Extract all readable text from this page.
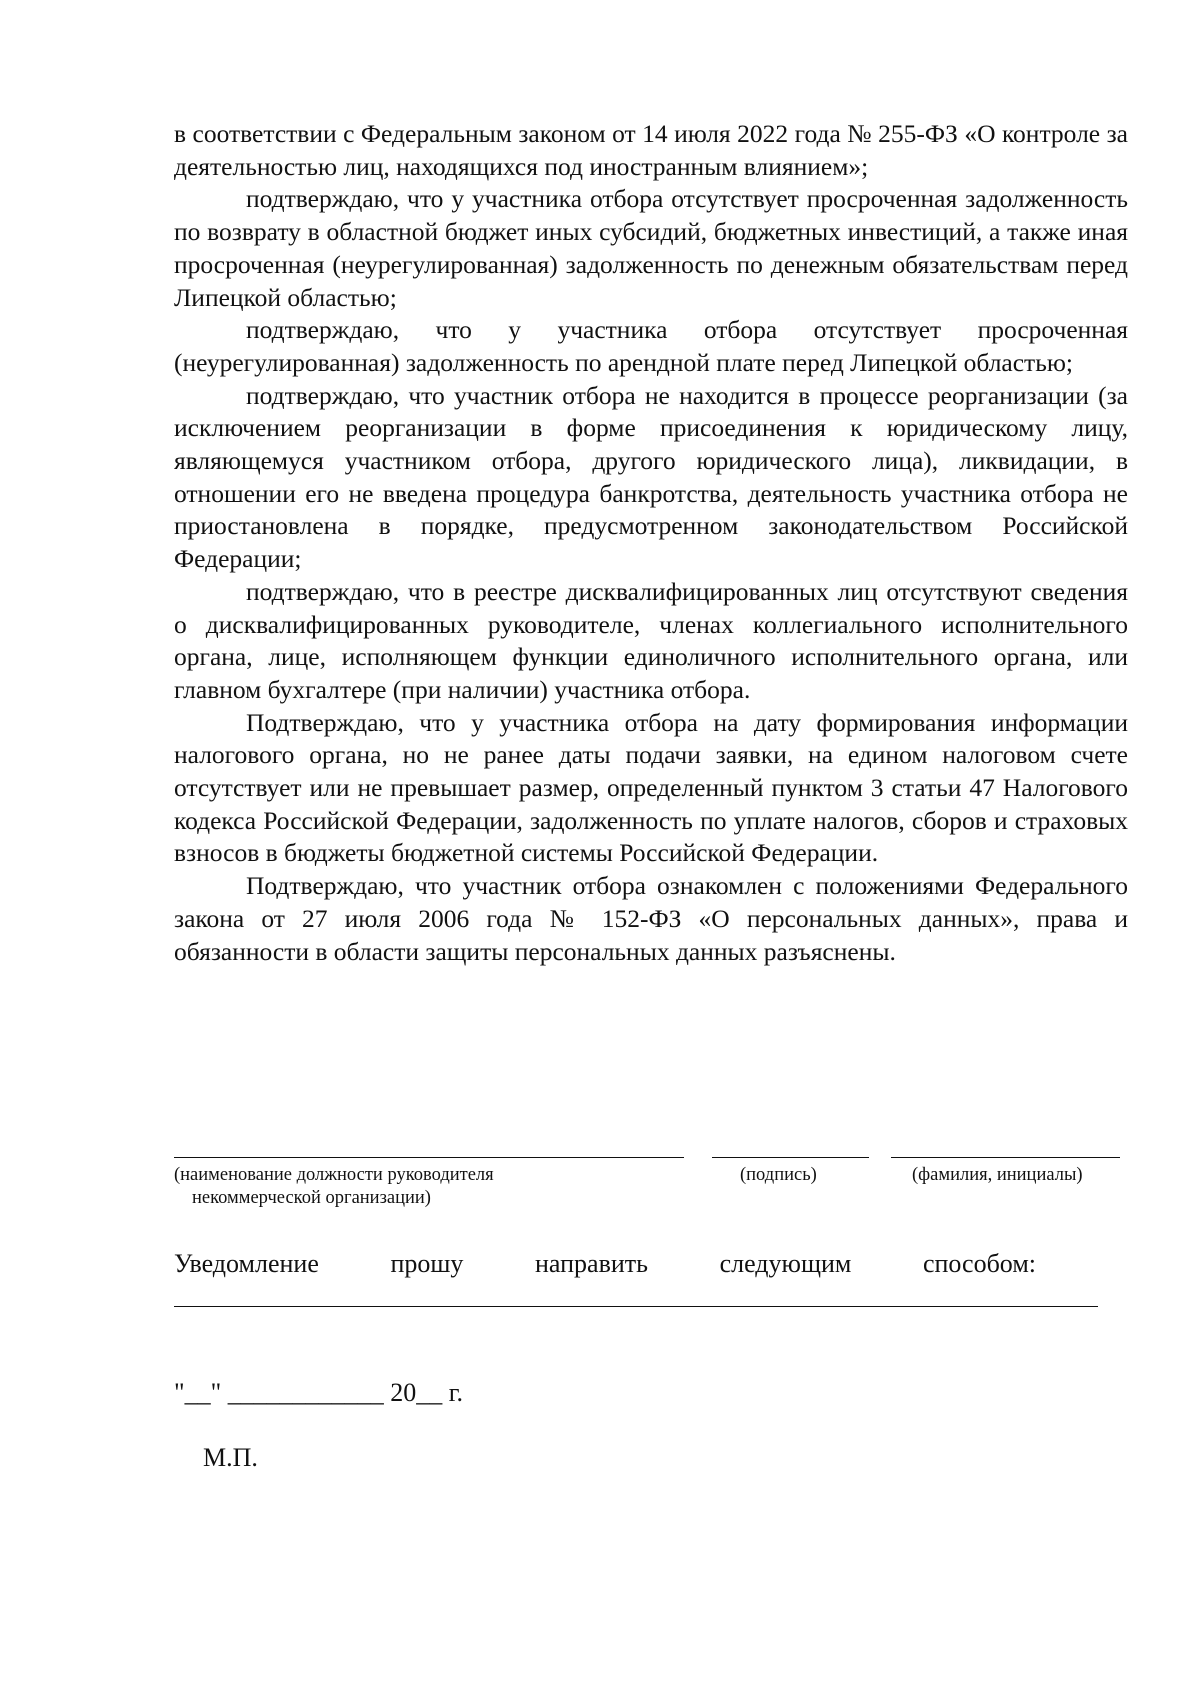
в соответствии с Федеральным законом от 14 июля 2022 года № 255-ФЗ «О контроле за деятельностью лиц, находящихся под иностранным влиянием»;

подтверждаю, что у участника отбора отсутствует просроченная задолженность по возврату в областной бюджет иных субсидий, бюджетных инвестиций, а также иная просроченная (неурегулированная) задолженность по денежным обязательствам перед Липецкой областью;

подтверждаю, что у участника отбора отсутствует просроченная (неурегулированная) задолженность по арендной плате перед Липецкой областью;

подтверждаю, что участник отбора не находится в процессе реорганизации (за исключением реорганизации в форме присоединения к юридическому лицу, являющемуся участником отбора, другого юридического лица), ликвидации, в отношении его не введена процедура банкротства, деятельность участника отбора не приостановлена в порядке, предусмотренном законодательством Российской Федерации;

подтверждаю, что в реестре дисквалифицированных лиц отсутствуют сведения о дисквалифицированных руководителе, членах коллегиального исполнительного органа, лице, исполняющем функции единоличного исполнительного органа, или главном бухгалтере (при наличии) участника отбора.

Подтверждаю, что у участника отбора на дату формирования информации налогового органа, но не ранее даты подачи заявки, на едином налоговом счете отсутствует или не превышает размер, определенный пунктом 3 статьи 47 Налогового кодекса Российской Федерации, задолженность по уплате налогов, сборов и страховых взносов в бюджеты бюджетной системы Российской Федерации.

Подтверждаю, что участник отбора ознакомлен с положениями Федерального закона от 27 июля 2006 года № 152-ФЗ «О персональных данных», права и обязанности в области защиты персональных данных разъяснены.

(наименование должности руководителя
некоммерческой организации)
(подпись)	(фамилия, инициалы)
Уведомление	прошу	направить	следующим	способом:
"__" ____________ 20__ г.
М.П.
